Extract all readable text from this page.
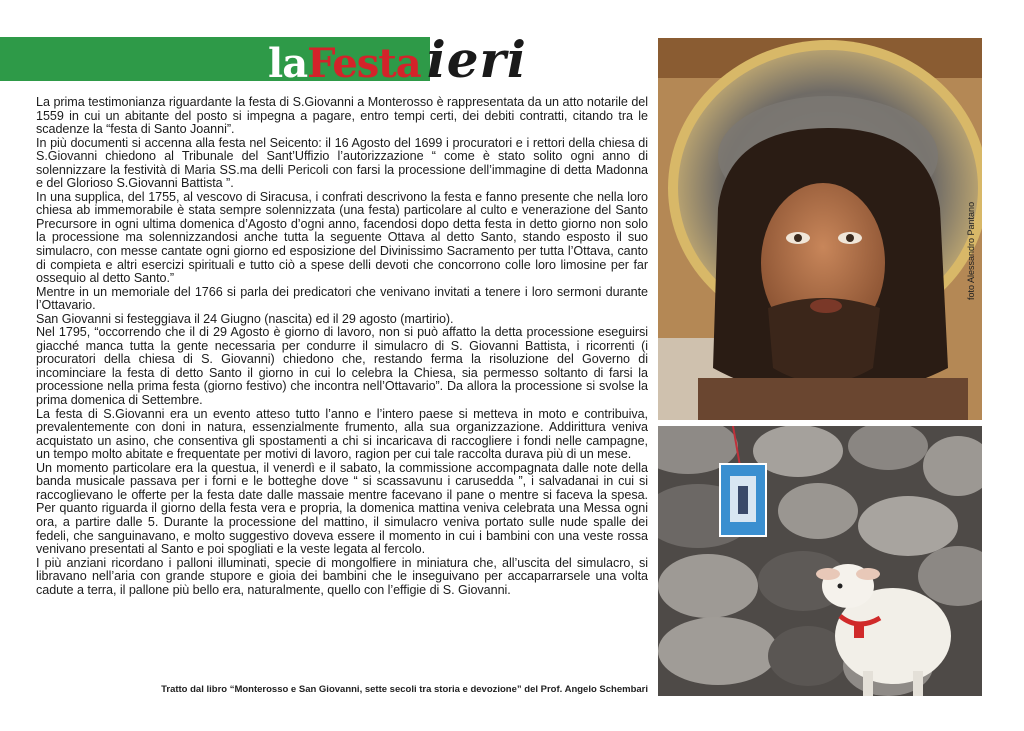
laFesta ieri

La prima testimonianza riguardante la festa di S.Giovanni a Monterosso è rappresentata da un atto notarile del 1559 in cui un abitante del posto si impegna a pagare, entro tempi certi, dei debiti contratti, citando tra le scadenze la “festa di Santo Joanni”.

In più documenti si accenna alla festa nel Seicento: il 16 Agosto del 1699 i procuratori e i rettori della chiesa di S.Giovanni chiedono al Tribunale del Sant’Uffizio l’autorizzazione “ come è stato solito ogni anno di solennizzare la festività di Maria SS.ma delli Pericoli con farsi la processione dell’immagine di detta Madonna e del Glorioso S.Giovanni Battista ”.

In una supplica, del 1755, al vescovo di Siracusa, i confrati descrivono la festa e fanno presente che nella loro chiesa ab immemorabile è stata sempre solennizzata (una festa) particolare al culto e venerazione del Santo Precursore in ogni ultima domenica d’Agosto d’ogni anno, facendosi dopo detta festa in detto giorno non solo la processione ma solennizzandosi anche tutta la seguente Ottava al detto Santo, stando esposto il suo simulacro, con messe cantate ogni giorno ed esposizione del Divinissimo Sacramento per tutta l’Ottava, canto di compieta e altri esercizi spirituali e tutto ciò a spese delli devoti che concorrono colle loro limosine per far ossequio al detto Santo.”

Mentre in un memoriale del 1766 si parla dei predicatori che venivano invitati a tenere i loro sermoni durante l’Ottavario.

San Giovanni si festeggiava il 24 Giugno (nascita) ed il 29 agosto (martirio).

Nel 1795, “occorrendo che il di 29 Agosto è giorno di lavoro, non si può affatto la detta processione eseguirsi giacché manca tutta la gente necessaria per condurre il simulacro di S. Giovanni Battista, i ricorrenti (i procuratori della chiesa di S. Giovanni) chiedono che, restando ferma la risoluzione del Governo di incominciare la festa di detto Santo il giorno in cui lo celebra la Chiesa, sia permesso soltanto di farsi la processione nella prima festa (giorno festivo) che incontra nell’Ottavario”. Da allora la processione si svolse la prima domenica di Settembre.

La festa di S.Giovanni era un evento atteso tutto l’anno e l’intero paese si metteva in moto e contribuiva, prevalentemente con doni in natura, essenzialmente frumento, alla sua organizzazione. Addirittura veniva acquistato un asino, che consentiva gli spostamenti a chi si incaricava di raccogliere i fondi nelle campagne, un tempo molto abitate e frequentate per motivi di lavoro, ragion per cui tale raccolta durava più di un mese.

Un momento particolare era la questua, il venerdì e il sabato, la commissione accompagnata dalle note della banda musicale passava per i forni e le botteghe dove “ si scassavunu i carusedda ”, i salvadanai in cui si raccoglievano le offerte per la festa date dalle massaie mentre facevano il pane o mentre si faceva la spesa. Per quanto riguarda il giorno della festa vera e propria, la domenica mattina veniva celebrata una Messa ogni ora, a partire dalle 5. Durante la processione del mattino, il simulacro veniva portato sulle nude spalle dei fedeli, che sanguinavano, e molto suggestivo doveva essere il momento in cui i bambini con una veste rossa venivano presentati al Santo e poi spogliati e la veste legata al fercolo.

I più anziani ricordano i palloni illuminati, specie di mongolfiere in miniatura che, all’uscita del simulacro, si libravano nell’aria con grande stupore e gioia dei bambini che le inseguivano per accaparrarsele una volta cadute a terra, il pallone più bello era, naturalmente, quello con l’effigie di S. Giovanni.

Tratto dal libro “Monterosso e San Giovanni, sette secoli tra storia e devozione” del Prof. Angelo Schembari
foto Alessandro Pantano
